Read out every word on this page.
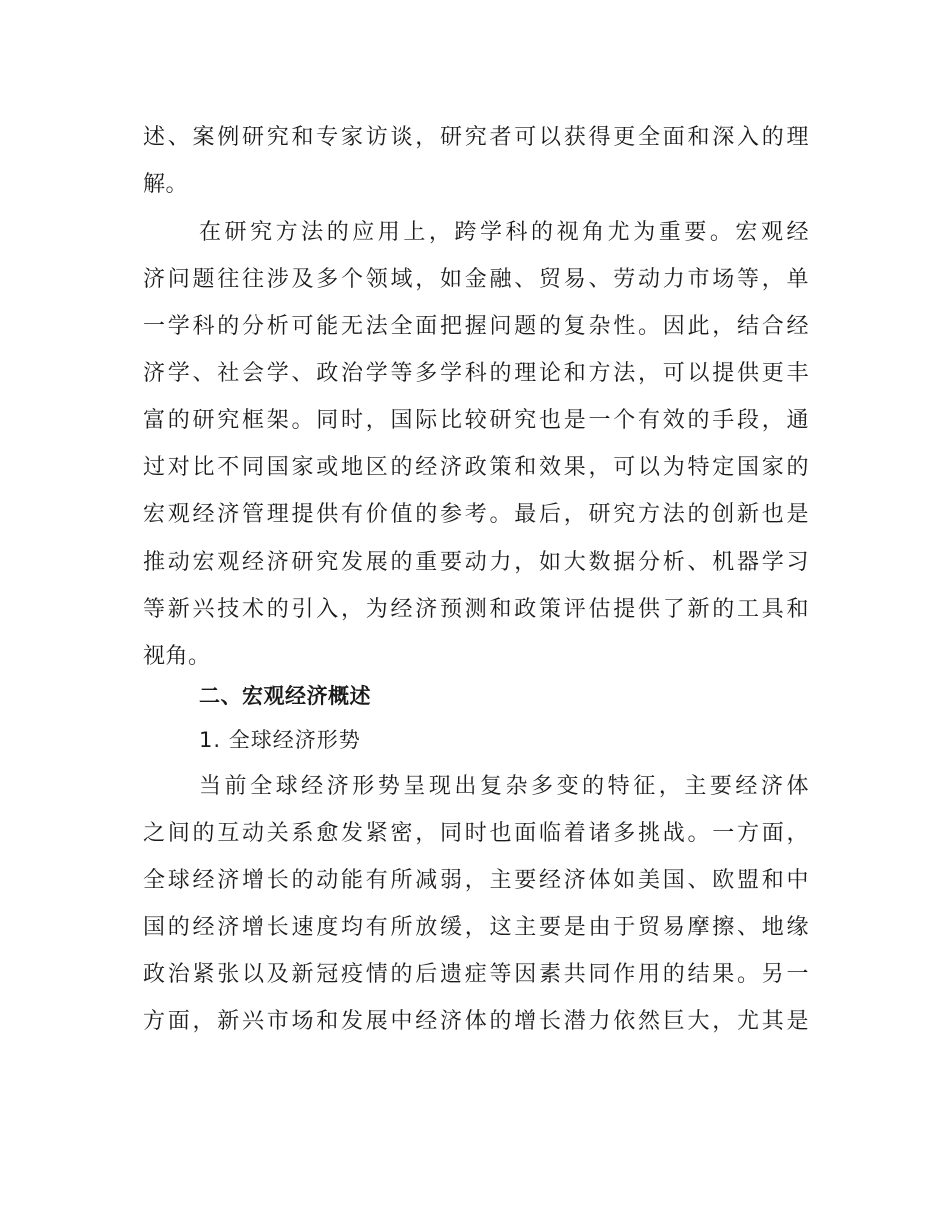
述、案例研究和专家访谈，研究者可以获得更全面和深入的理
解。
在研究方法的应用上，跨学科的视角尤为重要。宏观经
济问题往往涉及多个领域，如金融、贸易、劳动力市场等，单
一学科的分析可能无法全面把握问题的复杂性。因此，结合经
济学、社会学、政治学等多学科的理论和方法，可以提供更丰
富的研究框架。同时，国际比较研究也是一个有效的手段，通
过对比不同国家或地区的经济政策和效果，可以为特定国家的
宏观经济管理提供有价值的参考。最后，研究方法的创新也是
推动宏观经济研究发展的重要动力，如大数据分析、机器学习
等新兴技术的引入，为经济预测和政策评估提供了新的工具和
视角。
二、宏观经济概述
1. 全球经济形势
当前全球经济形势呈现出复杂多变的特征，主要经济体
之间的互动关系愈发紧密，同时也面临着诸多挑战。一方面，
全球经济增长的动能有所减弱，主要经济体如美国、欧盟和中
国的经济增长速度均有所放缓，这主要是由于贸易摩擦、地缘
政治紧张以及新冠疫情的后遗症等因素共同作用的结果。另一
方面，新兴市场和发展中经济体的增长潜力依然巨大，尤其是
